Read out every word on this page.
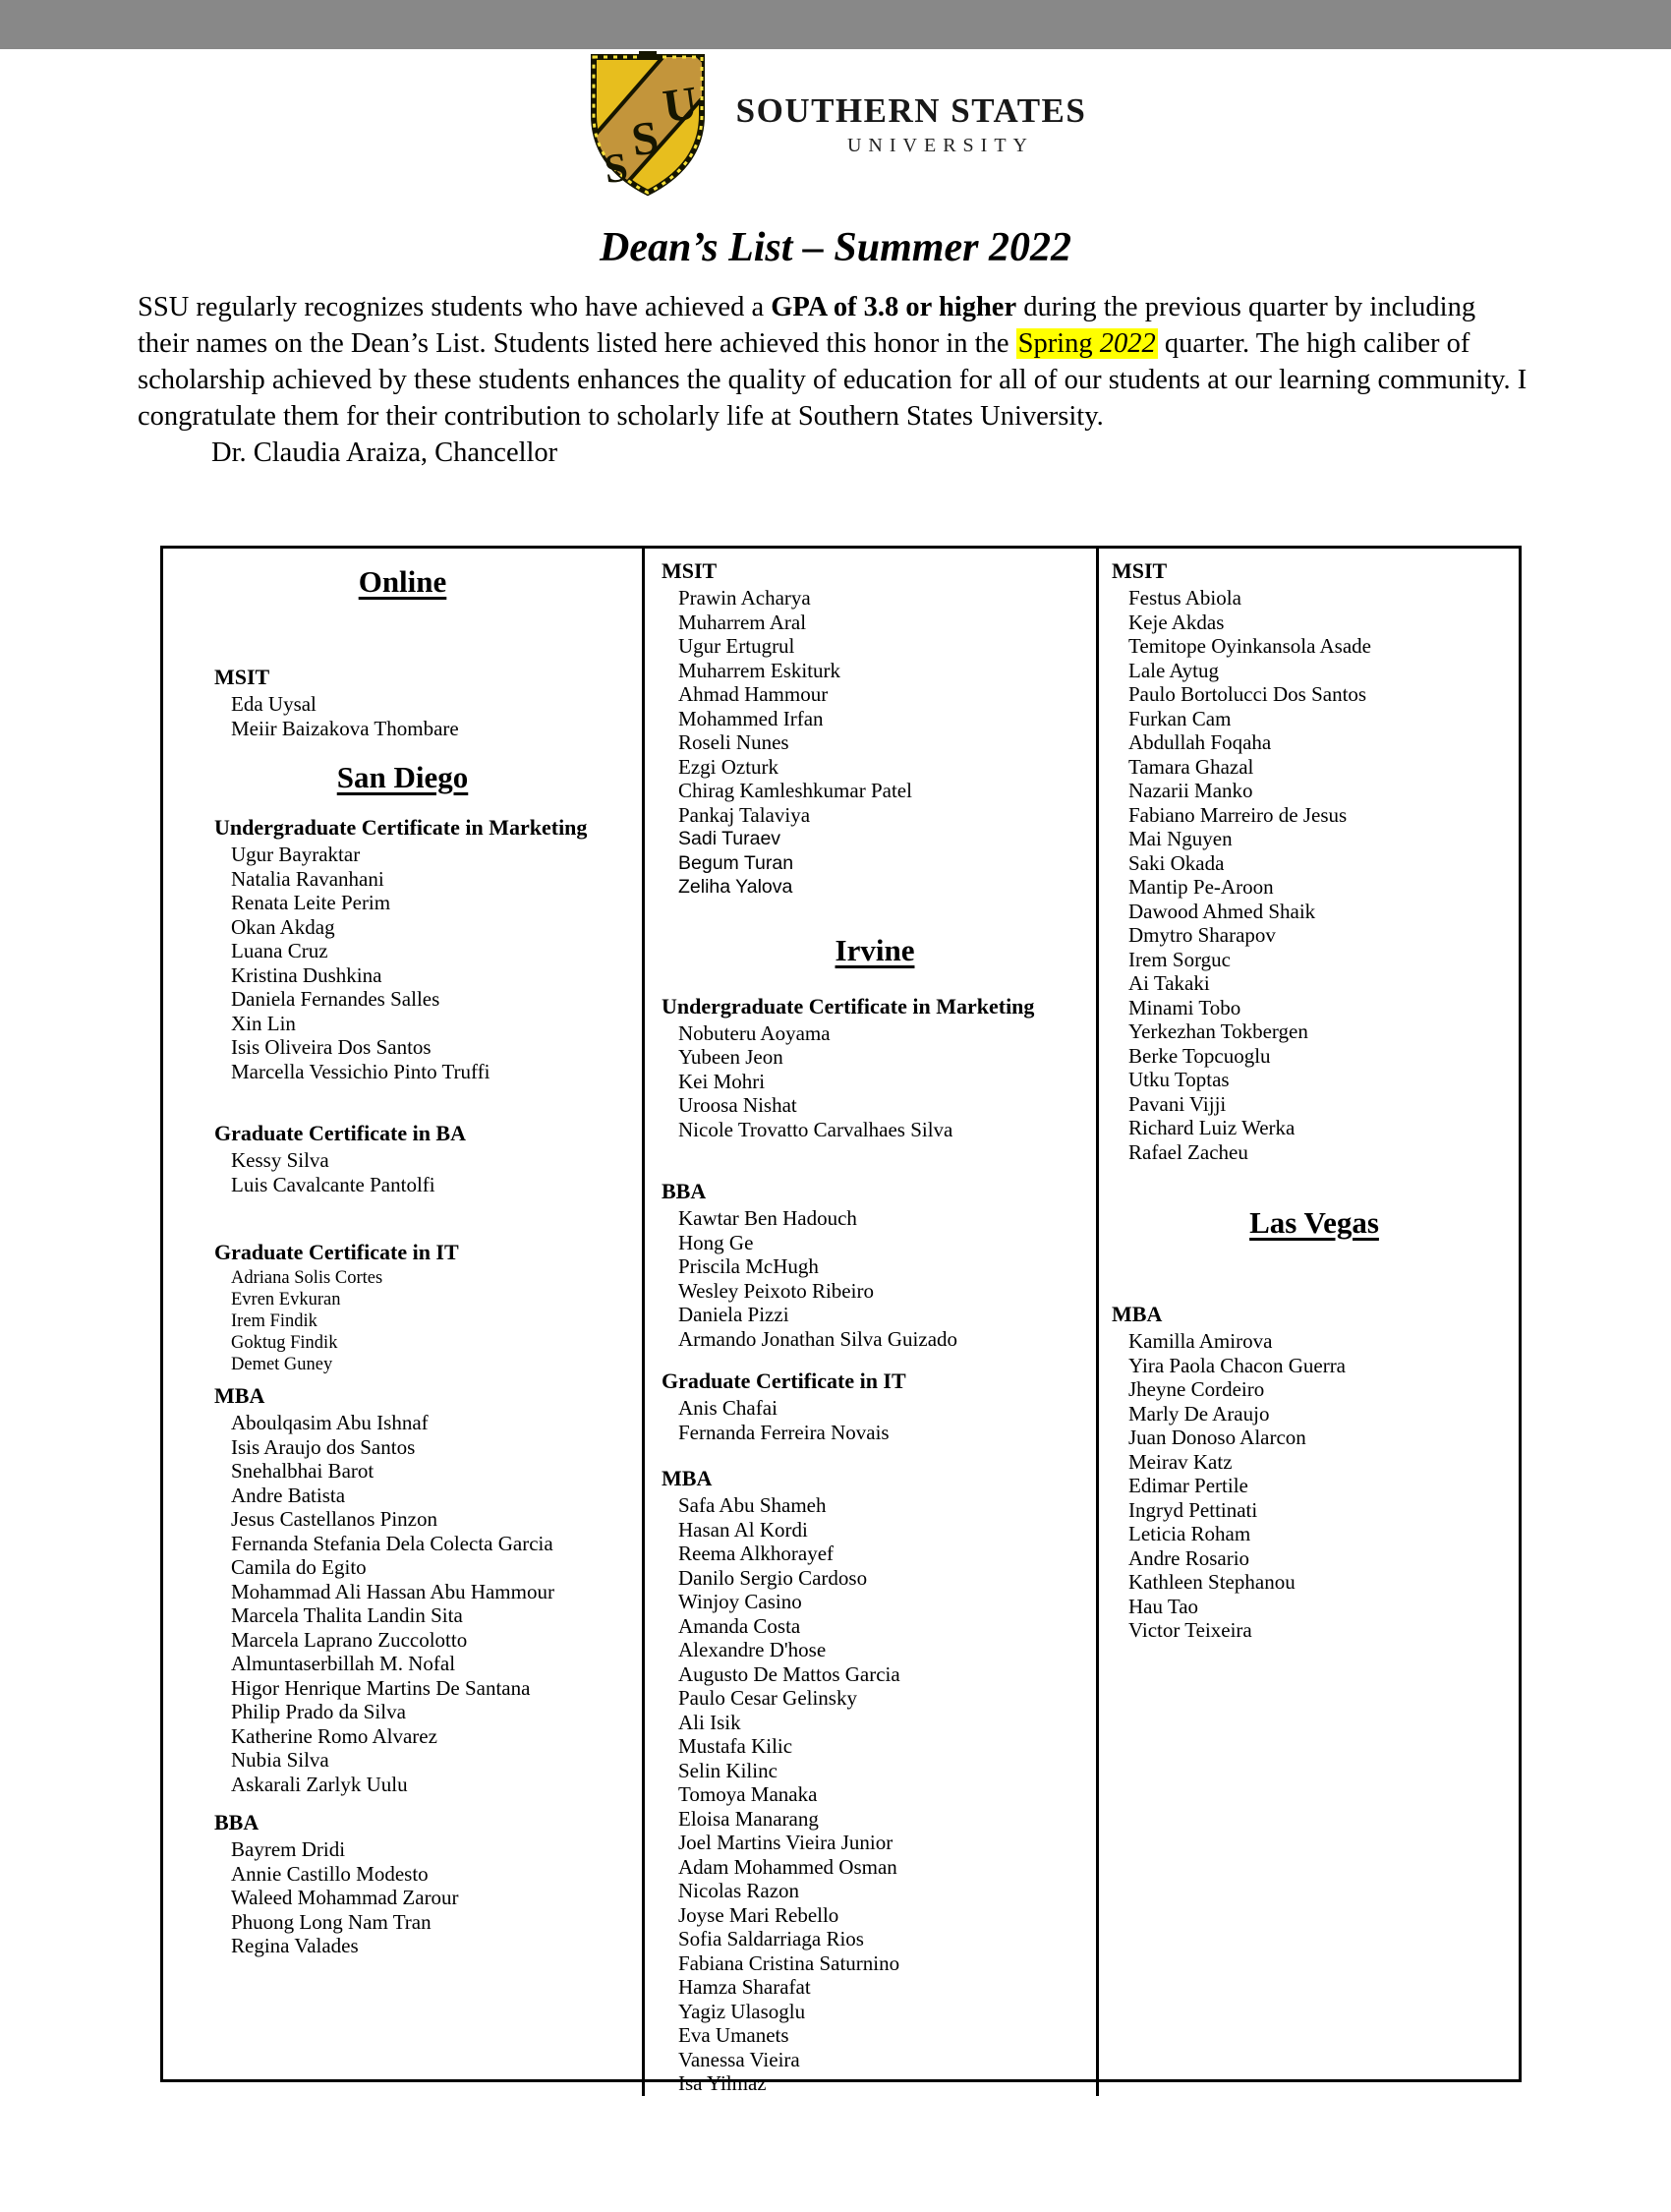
S
S
U SOUTHERN STATES
UNIVERSITY
Dean’s List – Summer 2022

SSU regularly recognizes students who have achieved a GPA of 3.8 or higher during the previous quarter by including their names on the Dean’s List. Students listed here achieved this honor in the Spring 2022 quarter. The high caliber of scholarship achieved by these students enhances the quality of education for all of our students at our learning community. I congratulate them for their contribution to scholarly life at Southern States University.

Dr. Claudia Araiza, Chancellor

Online
MSIT
Eda Uysal
Meiir Baizakova Thombare
San Diego
Undergraduate Certificate in Marketing
Ugur Bayraktar
Natalia Ravanhani
Renata Leite Perim
Okan Akdag
Luana Cruz
Kristina Dushkina
Daniela Fernandes Salles
Xin Lin
Isis Oliveira Dos Santos
Marcella Vessichio Pinto Truffi
Graduate Certificate in BA
Kessy Silva
Luis Cavalcante Pantolfi
Graduate Certificate in IT
Adriana Solis Cortes
Evren Evkuran
Irem Findik
Goktug Findik
Demet Guney
MBA
Aboulqasim Abu Ishnaf
Isis Araujo dos Santos
Snehalbhai Barot
Andre Batista
Jesus Castellanos Pinzon
Fernanda Stefania Dela Colecta Garcia
Camila do Egito
Mohammad Ali Hassan Abu Hammour
Marcela Thalita Landin Sita
Marcela Laprano Zuccolotto
Almuntaserbillah M. Nofal
Higor Henrique Martins De Santana
Philip Prado da Silva
Katherine Romo Alvarez
Nubia Silva
Askarali Zarlyk Uulu
BBA
Bayrem Dridi
Annie Castillo Modesto
Waleed Mohammad Zarour
Phuong Long Nam Tran
Regina Valades
MSIT
Prawin Acharya
Muharrem Aral
Ugur Ertugrul
Muharrem Eskiturk
Ahmad Hammour
Mohammed Irfan
Roseli Nunes
Ezgi Ozturk
Chirag Kamleshkumar Patel
Pankaj Talaviya
Sadi Turaev
Begum Turan
Zeliha Yalova
Irvine
Undergraduate Certificate in Marketing
Nobuteru Aoyama
Yubeen Jeon
Kei Mohri
Uroosa Nishat
Nicole Trovatto Carvalhaes Silva
BBA
Kawtar Ben Hadouch
Hong Ge
Priscila McHugh
Wesley Peixoto Ribeiro
Daniela Pizzi
Armando Jonathan Silva Guizado
Graduate Certificate in IT
Anis Chafai
Fernanda Ferreira Novais
MBA
Safa Abu Shameh
Hasan Al Kordi
Reema Alkhorayef
Danilo Sergio Cardoso
Winjoy Casino
Amanda Costa
Alexandre D'hose
Augusto De Mattos Garcia
Paulo Cesar Gelinsky
Ali Isik
Mustafa Kilic
Selin Kilinc
Tomoya Manaka
Eloisa Manarang
Joel Martins Vieira Junior
Adam Mohammed Osman
Nicolas Razon
Joyse Mari Rebello
Sofia Saldarriaga Rios
Fabiana Cristina Saturnino
Hamza Sharafat
Yagiz Ulasoglu
Eva Umanets
Vanessa Vieira
Isa Yilmaz
MSIT
Festus Abiola
Keje Akdas
Temitope Oyinkansola Asade
Lale Aytug
Paulo Bortolucci Dos Santos
Furkan Cam
Abdullah Foqaha
Tamara Ghazal
Nazarii Manko
Fabiano Marreiro de Jesus
Mai Nguyen
Saki Okada
Mantip Pe-Aroon
Dawood Ahmed Shaik
Dmytro Sharapov
Irem Sorguc
Ai Takaki
Minami Tobo
Yerkezhan Tokbergen
Berke Topcuoglu
Utku Toptas
Pavani Vijji
Richard Luiz Werka
Rafael Zacheu
Las Vegas
MBA
Kamilla Amirova
Yira Paola Chacon Guerra
Jheyne Cordeiro
Marly De Araujo
Juan Donoso Alarcon
Meirav Katz
Edimar Pertile
Ingryd Pettinati
Leticia Roham
Andre Rosario
Kathleen Stephanou
Hau Tao
Victor Teixeira
